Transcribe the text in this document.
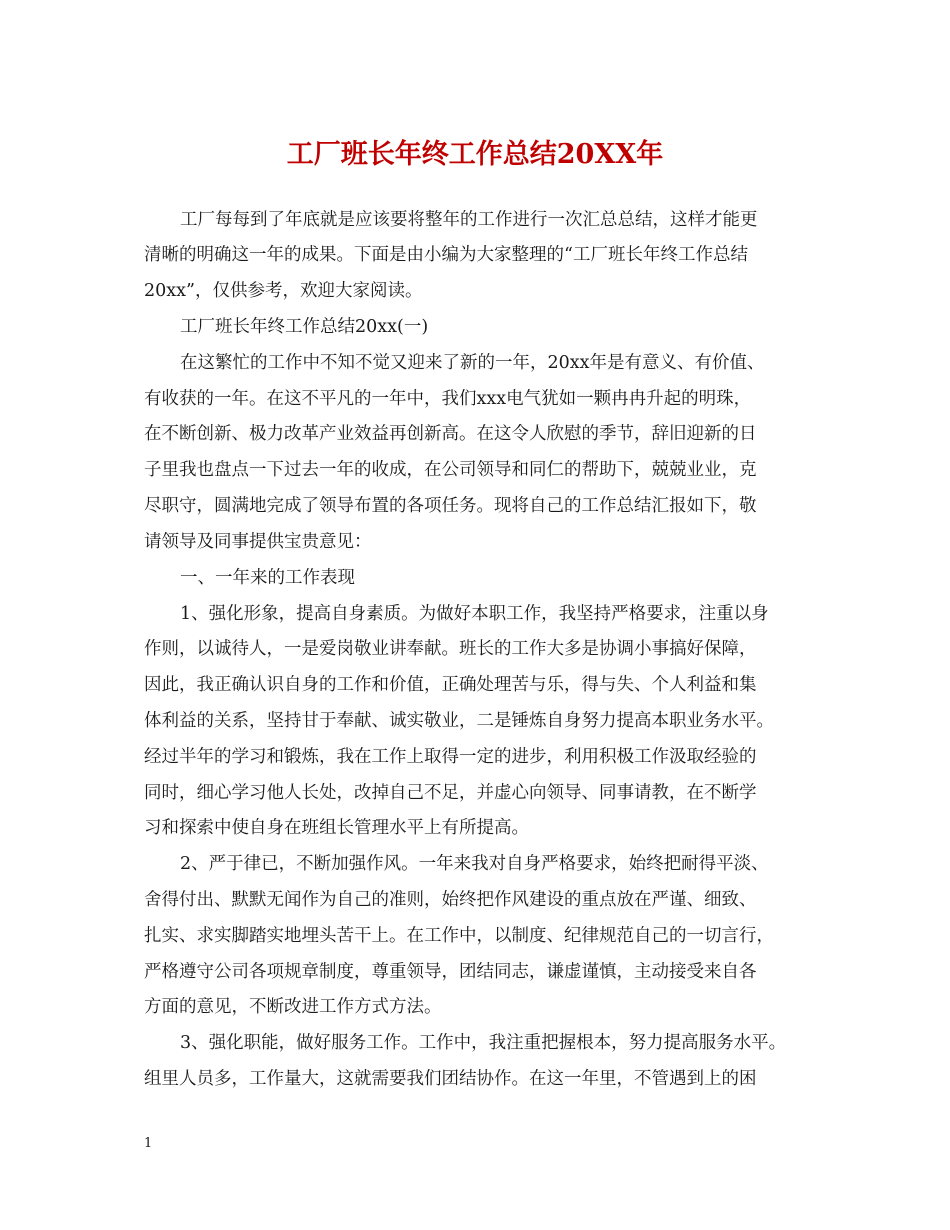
工厂班长年终工作总结20XX年
工厂每每到了年底就是应该要将整年的工作进行一次汇总总结，这样才能更
清晰的明确这一年的成果。下面是由小编为大家整理的“工厂班长年终工作总结
20xx”，仅供参考，欢迎大家阅读。
工厂班长年终工作总结20xx(一)
在这繁忙的工作中不知不觉又迎来了新的一年，20xx年是有意义、有价值、
有收获的一年。在这不平凡的一年中，我们xxx电气犹如一颗冉冉升起的明珠，
在不断创新、极力改革产业效益再创新高。在这令人欣慰的季节，辞旧迎新的日
子里我也盘点一下过去一年的收成，在公司领导和同仁的帮助下，兢兢业业，克
尽职守，圆满地完成了领导布置的各项任务。现将自己的工作总结汇报如下，敬
请领导及同事提供宝贵意见：
一、一年来的工作表现
1、强化形象，提高自身素质。为做好本职工作，我坚持严格要求，注重以身
作则，以诚待人，一是爱岗敬业讲奉献。班长的工作大多是协调小事搞好保障，
因此，我正确认识自身的工作和价值，正确处理苦与乐，得与失、个人利益和集
体利益的关系，坚持甘于奉献、诚实敬业，二是锤炼自身努力提高本职业务水平。
经过半年的学习和锻炼，我在工作上取得一定的进步，利用积极工作汲取经验的
同时，细心学习他人长处，改掉自己不足，并虚心向领导、同事请教，在不断学
习和探索中使自身在班组长管理水平上有所提高。
2、严于律已，不断加强作风。一年来我对自身严格要求，始终把耐得平淡、
舍得付出、默默无闻作为自己的准则，始终把作风建设的重点放在严谨、细致、
扎实、求实脚踏实地埋头苦干上。在工作中，以制度、纪律规范自己的一切言行，
严格遵守公司各项规章制度，尊重领导，团结同志，谦虚谨慎，主动接受来自各
方面的意见，不断改进工作方式方法。
3、强化职能，做好服务工作。工作中，我注重把握根本，努力提高服务水平。
组里人员多，工作量大，这就需要我们团结协作。在这一年里，不管遇到上的困
1
